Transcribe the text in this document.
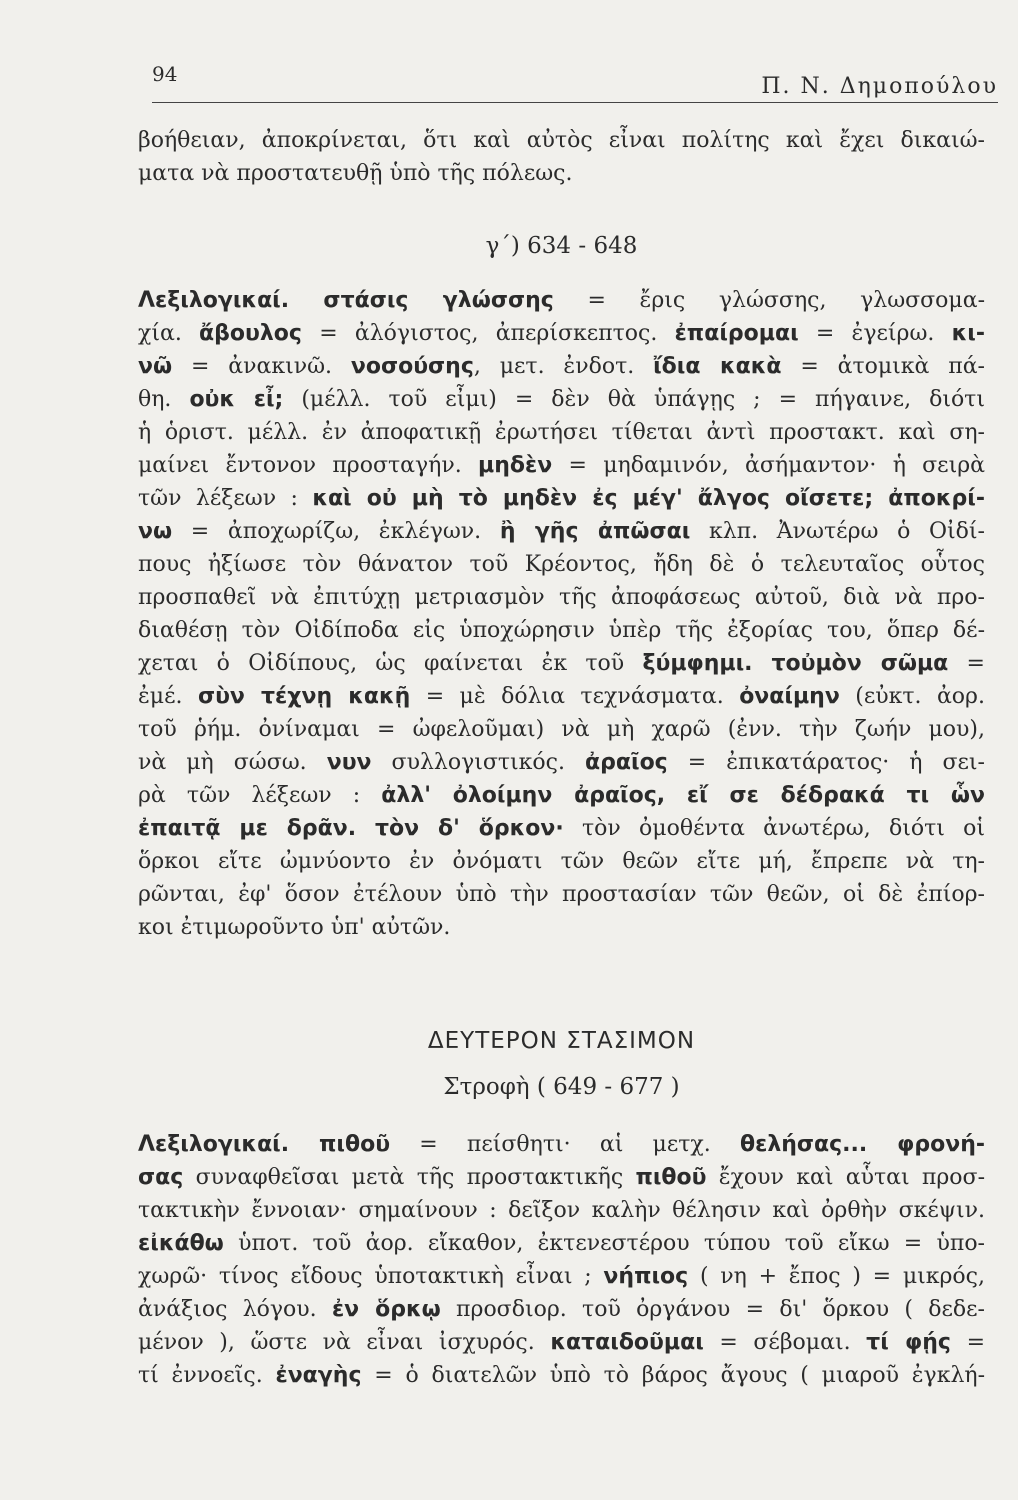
94	Π. Ν. Δημοπούλου
βοήθειαν, ἀποκρίνεται, ὅτι καὶ αὐτὸς εἶναι πολίτης καὶ ἔχει δικαιώ-
ματα νὰ προστατευθῇ ὑπὸ τῆς πόλεως.
γ΄) 634 - 648
Λεξιλογικαί. στάσις γλώσσης = ἔρις γλώσσης, γλωσσομα-
χία. ἄβουλος = ἀλόγιστος, ἀπερίσκεπτος. ἐπαίρομαι = ἐγείρω. κι-
νῶ = ἀνακινῶ. νοσούσης, μετ. ἐνδοτ. ἴδια κακὰ = ἀτομικὰ πά-
θη. οὐκ εἶ; (μέλλ. τοῦ εἶμι) = δὲν θὰ ὑπάγῃς ; = πήγαινε, διότι
ἡ ὁριστ. μέλλ. ἐν ἀποφατικῇ ἐρωτήσει τίθεται ἀντὶ προστακτ. καὶ ση-
μαίνει ἔντονον προσταγήν. μηδὲν = μηδαμινόν, ἀσήμαντον· ἡ σειρὰ
τῶν λέξεων : καὶ οὐ μὴ τὸ μηδὲν ἐς μέγ' ἄλγος οἴσετε; ἀποκρί-
νω = ἀποχωρίζω, ἐκλέγων. ἢ γῆς ἀπῶσαι κλπ. Ἀνωτέρω ὁ Οἰδί-
πους ἠξίωσε τὸν θάνατον τοῦ Κρέοντος, ἤδη δὲ ὁ τελευταῖος οὗτος
προσπαθεῖ νὰ ἐπιτύχῃ μετριασμὸν τῆς ἀποφάσεως αὐτοῦ, διὰ νὰ προ-
διαθέσῃ τὸν Οἰδίποδα εἰς ὑποχώρησιν ὑπὲρ τῆς ἐξορίας του, ὅπερ δέ-
χεται ὁ Οἰδίπους, ὡς φαίνεται ἐκ τοῦ ξύμφημι. τοὐμὸν σῶμα =
ἐμέ. σὺν τέχνῃ κακῇ = μὲ δόλια τεχνάσματα. ὀναίμην (εὐκτ. ἀορ.
τοῦ ῥήμ. ὀνίναμαι = ὠφελοῦμαι) νὰ μὴ χαρῶ (ἐνν. τὴν ζωήν μου),
νὰ μὴ σώσω. νυν συλλογιστικός. ἀραῖος = ἐπικατάρατος· ἡ σει-
ρὰ τῶν λέξεων : ἀλλ' ὀλοίμην ἀραῖος, εἴ σε δέδρακά τι ὧν
ἐπαιτᾷ με δρᾶν. τὸν δ' ὅρκον· τὸν ὀμοθέντα ἀνωτέρω, διότι οἱ
ὅρκοι εἴτε ὠμνύοντο ἐν ὀνόματι τῶν θεῶν εἴτε μή, ἔπρεπε νὰ τη-
ρῶνται, ἐφ' ὅσον ἐτέλουν ὑπὸ τὴν προστασίαν τῶν θεῶν, οἱ δὲ ἐπίορ-
κοι ἐτιμωροῦντο ὑπ' αὐτῶν.
ΔΕΥΤΕΡΟΝ ΣΤΑΣΙΜΟΝ
Στροφὴ ( 649 - 677 )
Λεξιλογικαί. πιθοῦ = πείσθητι· αἱ μετχ. θελήσας... φρονή-
σας συναφθεῖσαι μετὰ τῆς προστακτικῆς πιθοῦ ἔχουν καὶ αὗται προσ-
τακτικὴν ἔννοιαν· σημαίνουν : δεῖξον καλὴν θέλησιν καὶ ὀρθὴν σκέψιν.
εἰκάθω ὑποτ. τοῦ ἀορ. εἴκαθον, ἐκτενεστέρου τύπου τοῦ εἴκω = ὑπο-
χωρῶ· τίνος εἴδους ὑποτακτικὴ εἶναι ; νήπιος ( νη + ἔπος ) = μικρός,
ἀνάξιος λόγου. ἐν ὅρκῳ προσδιορ. τοῦ ὀργάνου = δι' ὅρκου ( δεδε-
μένον ), ὥστε νὰ εἶναι ἰσχυρός. καταιδοῦμαι = σέβομαι. τί φῄς =
τί ἐννοεῖς. ἐναγὴς = ὁ διατελῶν ὑπὸ τὸ βάρος ἄγους ( μιαροῦ ἐγκλή-
